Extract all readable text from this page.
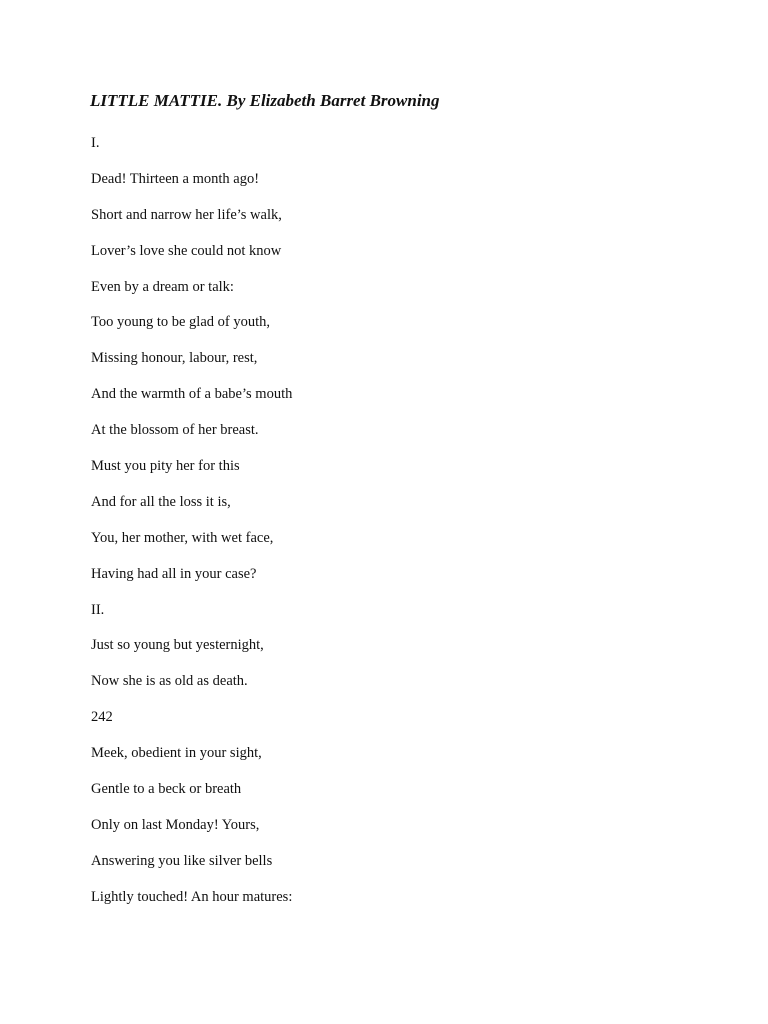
LITTLE MATTIE. By Elizabeth Barret Browning
I.
Dead! Thirteen a month ago!
Short and narrow her life’s walk,
Lover’s love she could not know
Even by a dream or talk:
Too young to be glad of youth,
Missing honour, labour, rest,
And the warmth of a babe’s mouth
At the blossom of her breast.
Must you pity her for this
And for all the loss it is,
You, her mother, with wet face,
Having had all in your case?
II.
Just so young but yesternight,
Now she is as old as death.
242
Meek, obedient in your sight,
Gentle to a beck or breath
Only on last Monday! Yours,
Answering you like silver bells
Lightly touched! An hour matures:
